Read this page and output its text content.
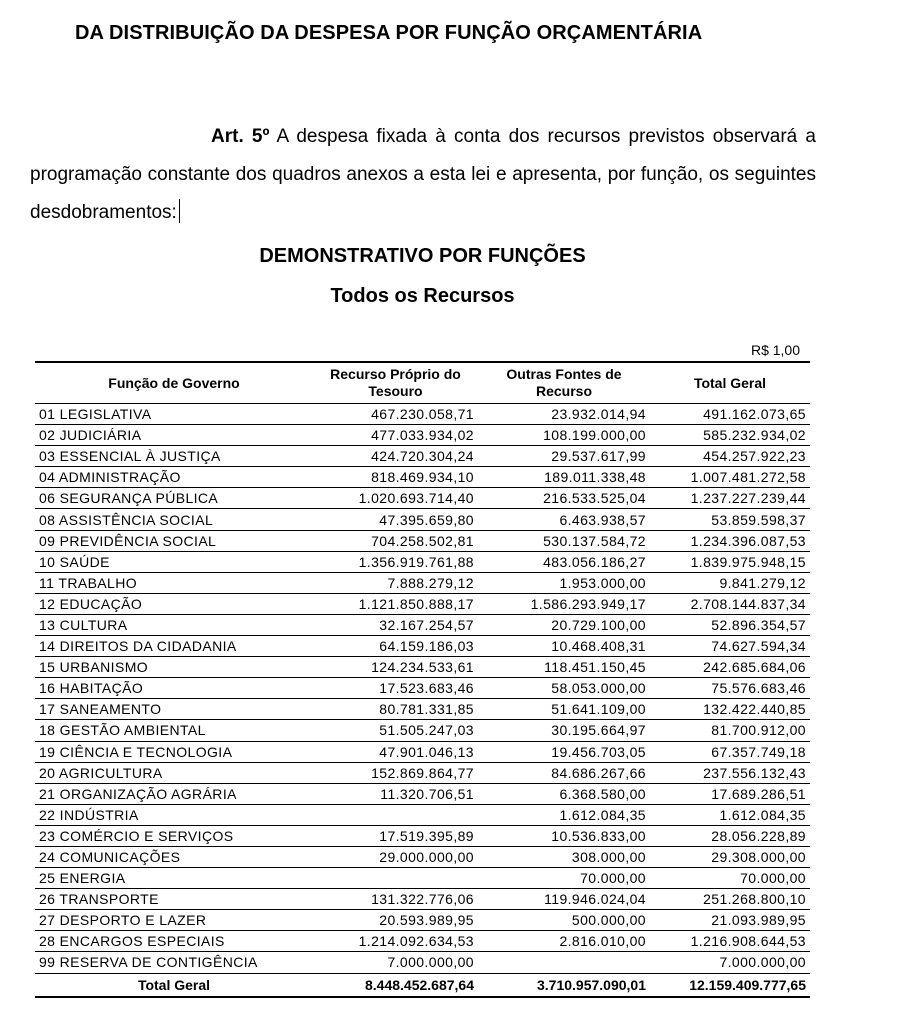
DA DISTRIBUIÇÃO DA DESPESA POR FUNÇÃO ORÇAMENTÁRIA
Art. 5º A despesa fixada à conta dos recursos previstos observará a programação constante dos quadros anexos a esta lei e apresenta, por função, os seguintes desdobramentos:
DEMONSTRATIVO POR FUNÇÕES
Todos os Recursos
R$ 1,00
Função de Governo	Recurso Próprio do Tesouro	Outras Fontes de Recurso	Total Geral
01 LEGISLATIVA	467.230.058,71	23.932.014,94	491.162.073,65
02 JUDICIÁRIA	477.033.934,02	108.199.000,00	585.232.934,02
03 ESSENCIAL À JUSTIÇA	424.720.304,24	29.537.617,99	454.257.922,23
04 ADMINISTRAÇÃO	818.469.934,10	189.011.338,48	1.007.481.272,58
06 SEGURANÇA PÚBLICA	1.020.693.714,40	216.533.525,04	1.237.227.239,44
08 ASSISTÊNCIA SOCIAL	47.395.659,80	6.463.938,57	53.859.598,37
09 PREVIDÊNCIA SOCIAL	704.258.502,81	530.137.584,72	1.234.396.087,53
10 SAÚDE	1.356.919.761,88	483.056.186,27	1.839.975.948,15
11 TRABALHO	7.888.279,12	1.953.000,00	9.841.279,12
12 EDUCAÇÃO	1.121.850.888,17	1.586.293.949,17	2.708.144.837,34
13 CULTURA	32.167.254,57	20.729.100,00	52.896.354,57
14 DIREITOS DA CIDADANIA	64.159.186,03	10.468.408,31	74.627.594,34
15 URBANISMO	124.234.533,61	118.451.150,45	242.685.684,06
16 HABITAÇÃO	17.523.683,46	58.053.000,00	75.576.683,46
17 SANEAMENTO	80.781.331,85	51.641.109,00	132.422.440,85
18 GESTÃO AMBIENTAL	51.505.247,03	30.195.664,97	81.700.912,00
19 CIÊNCIA E TECNOLOGIA	47.901.046,13	19.456.703,05	67.357.749,18
20 AGRICULTURA	152.869.864,77	84.686.267,66	237.556.132,43
21 ORGANIZAÇÃO AGRÁRIA	11.320.706,51	6.368.580,00	17.689.286,51
22 INDÚSTRIA		1.612.084,35	1.612.084,35
23 COMÉRCIO E SERVIÇOS	17.519.395,89	10.536.833,00	28.056.228,89
24 COMUNICAÇÕES	29.000.000,00	308.000,00	29.308.000,00
25 ENERGIA		70.000,00	70.000,00
26 TRANSPORTE	131.322.776,06	119.946.024,04	251.268.800,10
27 DESPORTO E LAZER	20.593.989,95	500.000,00	21.093.989,95
28 ENCARGOS ESPECIAIS	1.214.092.634,53	2.816.010,00	1.216.908.644,53
99 RESERVA DE CONTIGÊNCIA	7.000.000,00		7.000.000,00
Total Geral	8.448.452.687,64	3.710.957.090,01	12.159.409.777,65
